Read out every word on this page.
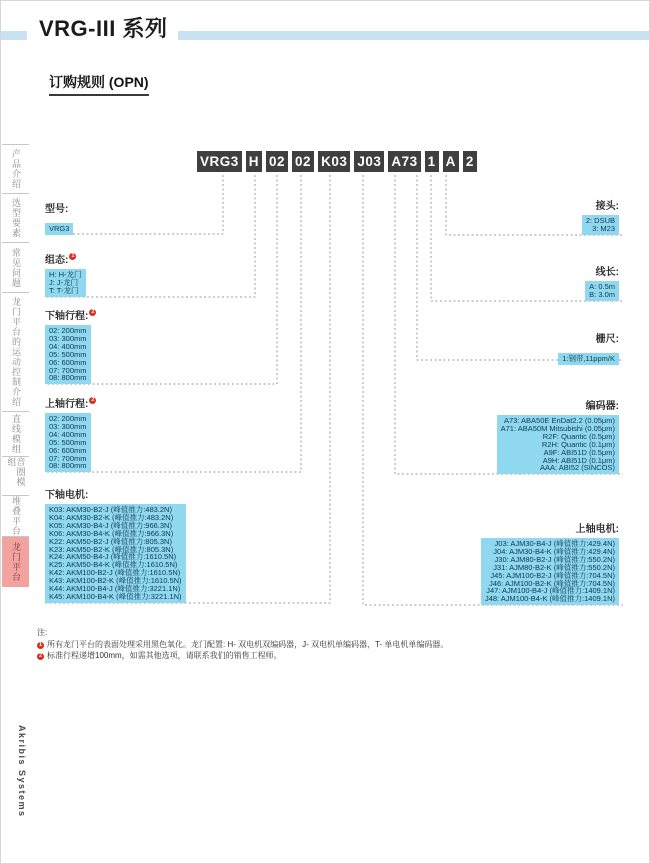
VRG-III 系列
订购规则 (OPN)
产品介绍
选型要素
常见问题
龙门平台的运动控制介绍
直线模组
音圈模组
堆叠平台
龙门平台
VRG3 H 02 02 K03 J03 A73 1 A 2
型号:
VRG3
组态: 1
H: H-龙门
J: J-龙门
T: T-龙门
下轴行程: 2
02: 200mm
03: 300mm
04: 400mm
05: 500mm
06: 600mm
07: 700mm
08: 800mm
上轴行程: 2
02: 200mm
03: 300mm
04: 400mm
05: 500mm
06: 600mm
07: 700mm
08: 800mm
下轴电机:
K03: AKM30-B2-J (峰值推力:483.2N)
K04: AKM30-B2-K (峰值推力:483.2N)
K05: AKM30-B4-J (峰值推力:966.3N)
K06: AKM30-B4-K (峰值推力:966.3N)
K22: AKM50-B2-J (峰值推力:805.3N)
K23: AKM50-B2-K (峰值推力:805.3N)
K24: AKM50-B4-J (峰值推力:1610.5N)
K25: AKM50-B4-K (峰值推力:1610.5N)
K42: AKM100-B2-J (峰值推力:1610.5N)
K43: AKM100-B2-K (峰值推力:1610.5N)
K44: AKM100-B4-J (峰值推力:3221.1N)
K45: AKM100-B4-K (峰值推力:3221.1N)
接头:
2: DSUB
3: M23
线长:
A: 0.5m
B: 3.0m
栅尺:
1:钢带,11ppm/K
编码器:
A73: ABA50E EnDat2.2 (0.05μm)
A71: ABA50M Mitsubishi (0.05μm)
R2F: Quantic (0.5μm)
R2H: Quantic (0.1μm)
A9F: ABI51D (0.5μm)
A9H: ABI51D (0.1μm)
AAA: ABI52 (SINCOS)
上轴电机:
J03: AJM30-B4-J (峰值推力:429.4N)
J04: AJM30-B4-K (峰值推力:429.4N)
J30: AJM80-B2-J (峰值推力:550.2N)
J31: AJM80-B2-K (峰值推力:550.2N)
J45: AJM100-B2-J (峰值推力:704.5N)
J46: AJM100-B2-K (峰值推力:704.5N)
J47: AJM100-B4-J (峰值推力:1409.1N)
J48: AJM100-B4-K (峰值推力:1409.1N)
注:
1 所有龙门平台的表面处理采用黑色氧化。龙门配置: H- 双电机双编码器，J- 双电机单编码器，T- 单电机单编码器。
2 标准行程递增100mm，如需其他选项，请联系我们的销售工程师。
Akribis Systems
